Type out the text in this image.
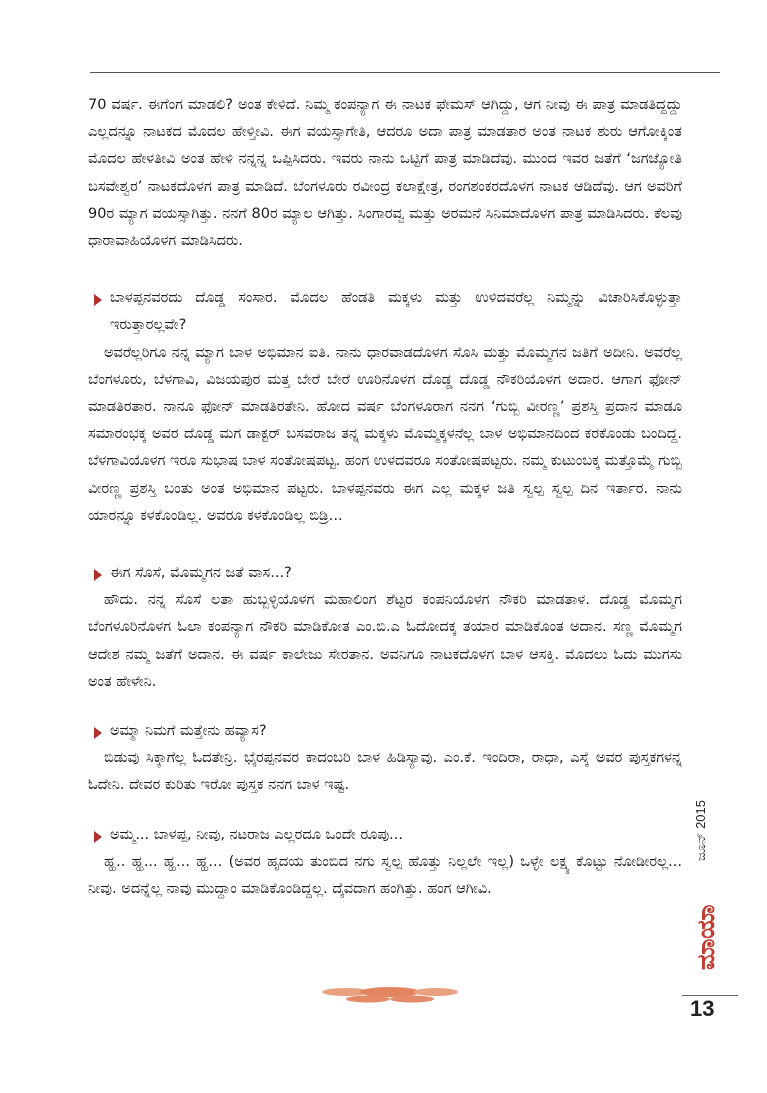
70 ವರ್ಷ. ಈಗೆಂಗ ಮಾಡಲಿ? ಅಂತ ಕೇಳಿದೆ. ನಿಮ್ಮ ಕಂಪನ್ಯಾಗ ಈ ನಾಟಕ ಫೇಮಸ್ ಆಗಿದ್ದು, ಆಗ ನೀವು ಈ ಪಾತ್ರ ಮಾಡತಿದ್ದದ್ದು ಎಲ್ಲದನ್ನೂ ನಾಟಕದ ಮೊದಲ ಹೇಳ್ತೀವಿ. ಈಗ ವಯಸ್ಸಾಗೇತಿ, ಆದರೂ ಅದಾ ಪಾತ್ರ ಮಾಡತಾರ ಅಂತ ನಾಟಕ ಶುರು ಆಗೋಕ್ಕಿಂತ ಮೊದಲ ಹೇಳತೀವಿ ಅಂತ ಹೇಳಿ ನನ್ನನ್ನ ಒಪ್ಪಿಸಿದರು. ಇವರು ನಾನು ಒಟ್ಟಿಗೆ ಪಾತ್ರ ಮಾಡಿದೆವು. ಮುಂದ ಇವರ ಜತೆಗೆ ‘ಜಗಜ್ಯೋತಿ ಬಸವೇಶ್ವರ’ ನಾಟಕದೊಳಗ ಪಾತ್ರ ಮಾಡಿದೆ. ಬೆಂಗಳೂರು ರವೀಂದ್ರ ಕಲಾಕ್ಷೇತ್ರ, ರಂಗಶಂಕರದೊಳಗ ನಾಟಕ ಆಡಿದೆವು. ಆಗ ಅವರಿಗೆ 90ರ ಮ್ಯಾಗ ವಯಸ್ಸಾಗಿತ್ತು. ನನಗೆ 80ರ ಮ್ಯಾಲ ಆಗಿತ್ತು. ಸಿಂಗಾರವ್ವ ಮತ್ತು ಅರಮನೆ ಸಿನಿಮಾದೊಳಗ ಪಾತ್ರ ಮಾಡಿಸಿದರು. ಕೆಲವು ಧಾರಾವಾಹಿಯೊಳಗ ಮಾಡಿಸಿದರು.

ಬಾಳಪ್ಪನವರದು ದೊಡ್ಡ ಸಂಸಾರ. ಮೊದಲ ಹೆಂಡತಿ ಮಕ್ಕಳು ಮತ್ತು ಉಳಿದವರೆಲ್ಲ ನಿಮ್ಮನ್ನು ವಿಚಾರಿಸಿಕೊಳ್ಳುತ್ತಾ ಇರುತ್ತಾರಲ್ಲವೇ?

ಅವರೆಲ್ಲರಿಗೂ ನನ್ನ ಮ್ಯಾಗ ಬಾಳ ಅಭಿಮಾನ ಐತಿ. ನಾನು ಧಾರವಾಡದೊಳಗ ಸೊಸಿ ಮತ್ತು ಮೊಮ್ಮಗನ ಜತಿಗೆ ಅದೀನಿ. ಅವರೆಲ್ಲ ಬೆಂಗಳೂರು, ಬೆಳಗಾವಿ, ವಿಜಯಪುರ ಮತ್ತ ಬೇರೆ ಬೇರೆ ಊರಿನೊಳಗ ದೊಡ್ಡ ದೊಡ್ಡ ನೌಕರಿಯೊಳಗ ಅದಾರ. ಆಗಾಗ ಫೋನ್ ಮಾಡತಿರತಾರ. ನಾನೂ ಫೋನ್ ಮಾಡತಿರತೇನಿ. ಹೋದ ವರ್ಷ ಬೆಂಗಳೂರಾಗ ನನಗ ‘ಗುಬ್ಬಿ ವೀರಣ್ಣ’ ಪ್ರಶಸ್ತಿ ಪ್ರದಾನ ಮಾಡೂ ಸಮಾರಂಭಕ್ಕ ಅವರ ದೊಡ್ಡ ಮಗ ಡಾಕ್ಟರ್ ಬಸವರಾಜ ತನ್ನ ಮಕ್ಕಳು ಮೊಮ್ಮಕ್ಕಳನೆಲ್ಲ ಬಾಳ ಅಭಿಮಾನದಿಂದ ಕರಕೊಂಡು ಬಂದಿದ್ದ. ಬೆಳಗಾವಿಯೊಳಗ ಇರೂ ಸುಭಾಷ ಬಾಳ ಸಂತೋಷಪಟ್ಟ. ಹಂಗ ಉಳದವರೂ ಸಂತೋಷಪಟ್ಟರು. ನಮ್ಮ ಕುಟುಂಬಕ್ಕ ಮತ್ತೊಮ್ಮೆ ಗುಬ್ಬಿ ವೀರಣ್ಣ ಪ್ರಶಸ್ತಿ ಬಂತು ಅಂತ ಅಭಿಮಾನ ಪಟ್ಟರು. ಬಾಳಪ್ಪನವರು ಈಗ ಎಲ್ಲ ಮಕ್ಕಳ ಜತಿ ಸ್ವಲ್ಪ ಸ್ವಲ್ಪ ದಿನ ಇರ್ತಾರ. ನಾನು ಯಾರನ್ನೂ ಕಳಕೊಂಡಿಲ್ಲ. ಅವರೂ ಕಳಕೊಂಡಿಲ್ಲ ಬಿಡ್ರಿ...

ಈಗ ಸೊಸೆ, ಮೊಮ್ಮಗನ ಜತೆ ವಾಸ...?

ಹೌದು. ನನ್ನ ಸೊಸೆ ಲತಾ ಹುಬ್ಬಳ್ಳಿಯೊಳಗ ಮಹಾಲಿಂಗ ಶೆಟ್ಟರ ಕಂಪನಿಯೊಳಗ ನೌಕರಿ ಮಾಡತಾಳ. ದೊಡ್ಡ ಮೊಮ್ಮಗ ಬೆಂಗಳೂರಿನೊಳಗ ಓಲಾ ಕಂಪನ್ಯಾಗ ನೌಕರಿ ಮಾಡಿಕೋತ ಎಂ.ಬಿ.ಎ ಓದೋದಕ್ಕ ತಯಾರ ಮಾಡಿಕೊಂತ ಅದಾನ. ಸಣ್ಣ ಮೊಮ್ಮಗ ಆದೇಶ ನಮ್ಮ ಜತೆಗೆ ಅದಾನ. ಈ ವರ್ಷ ಕಾಲೇಜು ಸೇರತಾನ. ಅವನಿಗೂ ನಾಟಕದೊಳಗ ಬಾಳ ಆಸಕ್ತಿ. ಮೊದಲು ಓದು ಮುಗಸು ಅಂತ ಹೇಳೇನಿ.

ಅಮ್ಮಾ ನಿಮಗೆ ಮತ್ತೇನು ಹವ್ಯಾಸ?

ಬಿಡುವು ಸಿಕ್ಕಾಗೆಲ್ಲ ಓದತೇನ್ರಿ. ಭೈರಪ್ಪನವರ ಕಾದಂಬರಿ ಬಾಳ ಹಿಡಿಸ್ಯಾವು. ಎಂ.ಕೆ. ಇಂದಿರಾ, ರಾಧಾ, ಎಸ್ಕೆ ಅವರ ಪುಸ್ತಕಗಳನ್ನ ಓದೇನಿ. ದೇವರ ಕುರಿತು ಇರೋ ಪುಸ್ತಕ ನನಗ ಬಾಳ ಇಷ್ಟ.

ಅಮ್ಮ... ಬಾಳಪ್ಪ, ನೀವು, ನಟರಾಜ ಎಲ್ಲರದೂ ಒಂದೇ ರೂಪು...

ಹ್ಹ.. ಹ್ಹ... ಹ್ಹ... ಹ್ಹ... (ಅವರ ಹೃದಯ ತುಂಬಿದ ನಗು ಸ್ವಲ್ಪ ಹೊತ್ತು ನಿಲ್ಲಲೇ ಇಲ್ಲ) ಒಳ್ಳೇ ಲಕ್ಷ್ಯ ಕೊಟ್ಟು ನೋಡೀರಲ್ಲ... ನೀವು. ಅದನ್ನೆಲ್ಲ ನಾವು ಮುದ್ದಾಂ ಮಾಡಿಕೊಂಡಿದ್ದಲ್ಲ. ದೈವದಾಗ ಹಂಗಿತ್ತು. ಹಂಗ ಆಗೀವಿ.

ಜೂನ್ 2015
ಮಾಯಾ
13
